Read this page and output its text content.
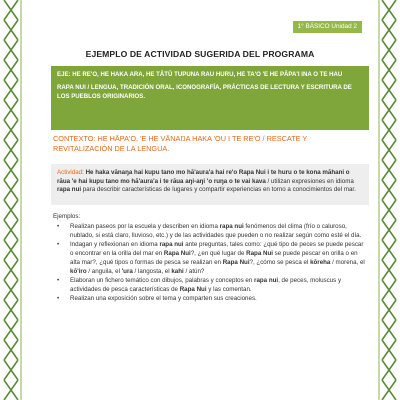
1° BÁSICO Unidad 2
EJEMPLO DE ACTIVIDAD SUGERIDA DEL PROGRAMA

EJE: HE RE'O, HE HAKA ARA, HE TĀTŪ TUPUNA RAU HURU, HE TA'O 'E HE PĀPA'I INA O TE HAU

RAPA NUI / LENGUA, TRADICIÓN ORAL, ICONOGRAFÍA, PRÁCTICAS DE LECTURA Y ESCRITURA DE LOS PUEBLOS ORIGINARIOS.

CONTEXTO: HE HĀPA'O, 'E HE VĀNAŊA HAKA 'OU I TE RE'O / RESCATE Y REVITALIZACIÓN DE LA LENGUA.
Actividad: He haka vānaŋa hai kupu tano mo hā'aura'a hai re'o Rapa Nui i te huru o te kona māhani o rāua 'e hai kupu tano mo hā'aura'a i te rāua aŋi-aŋi 'o ruŋa o te vai kava / utilizan expresiones en idioma rapa nui para describir características de lugares y compartir experiencias en torno a conocimientos del mar.

Ejemplos:

• Realizan paseos por la escuela y describen en idioma rapa nui fenómenos del clima (frío o caluroso, nublado, si está claro, lluvioso, etc.) y de las actividades que pueden o no realizar según como esté el día.
• Indagan y reflexionan en idioma rapa nui ante preguntas, tales como: ¿qué tipo de peces se puede pescar o encontrar en la orilla del mar en Rapa Nui?, ¿en qué lugar de Rapa Nui se puede pescar en orilla o en alta mar?, ¿qué tipos o formas de pesca se realizan en Rapa Nui?, ¿cómo se pesca el kōreha / morena, el kō'iro / anguila, el 'ura / langosta, el kahi / atún?
• Elaboran un fichero temático con dibujos, palabras y conceptos en rapa nui, de peces, moluscus y actividades de pesca características de Rapa Nui y las comentan.
• Realizan una exposición sobre el tema y comparten sus creaciones.
